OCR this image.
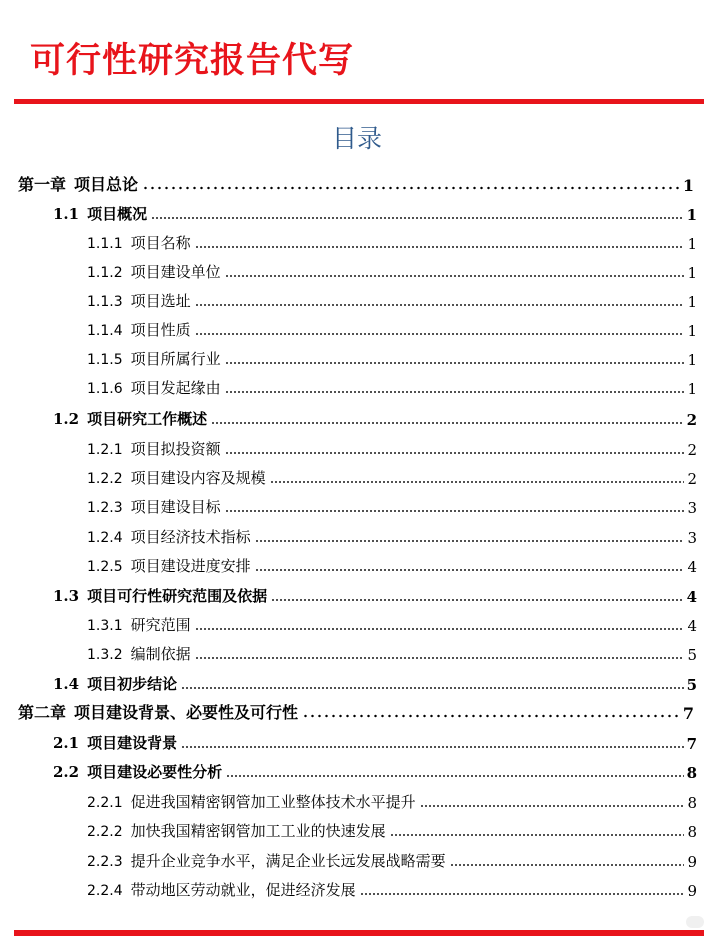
可行性研究报告代写
目录
第一章 项目总论	1
1.1 项目概况	1
1.1.1 项目名称	1
1.1.2 项目建设单位	1
1.1.3 项目选址	1
1.1.4 项目性质	1
1.1.5 项目所属行业	1
1.1.6 项目发起缘由	1
1.2 项目研究工作概述	2
1.2.1 项目拟投资额	2
1.2.2 项目建设内容及规模	2
1.2.3 项目建设目标	3
1.2.4 项目经济技术指标	3
1.2.5 项目建设进度安排	4
1.3 项目可行性研究范围及依据	4
1.3.1 研究范围	4
1.3.2 编制依据	5
1.4 项目初步结论	5
第二章 项目建设背景、必要性及可行性	7
2.1 项目建设背景	7
2.2 项目建设必要性分析	8
2.2.1 促进我国精密钢管加工业整体技术水平提升	8
2.2.2 加快我国精密钢管加工工业的快速发展	8
2.2.3 提升企业竞争水平，满足企业长远发展战略需要	9
2.2.4 带动地区劳动就业，促进经济发展	9
